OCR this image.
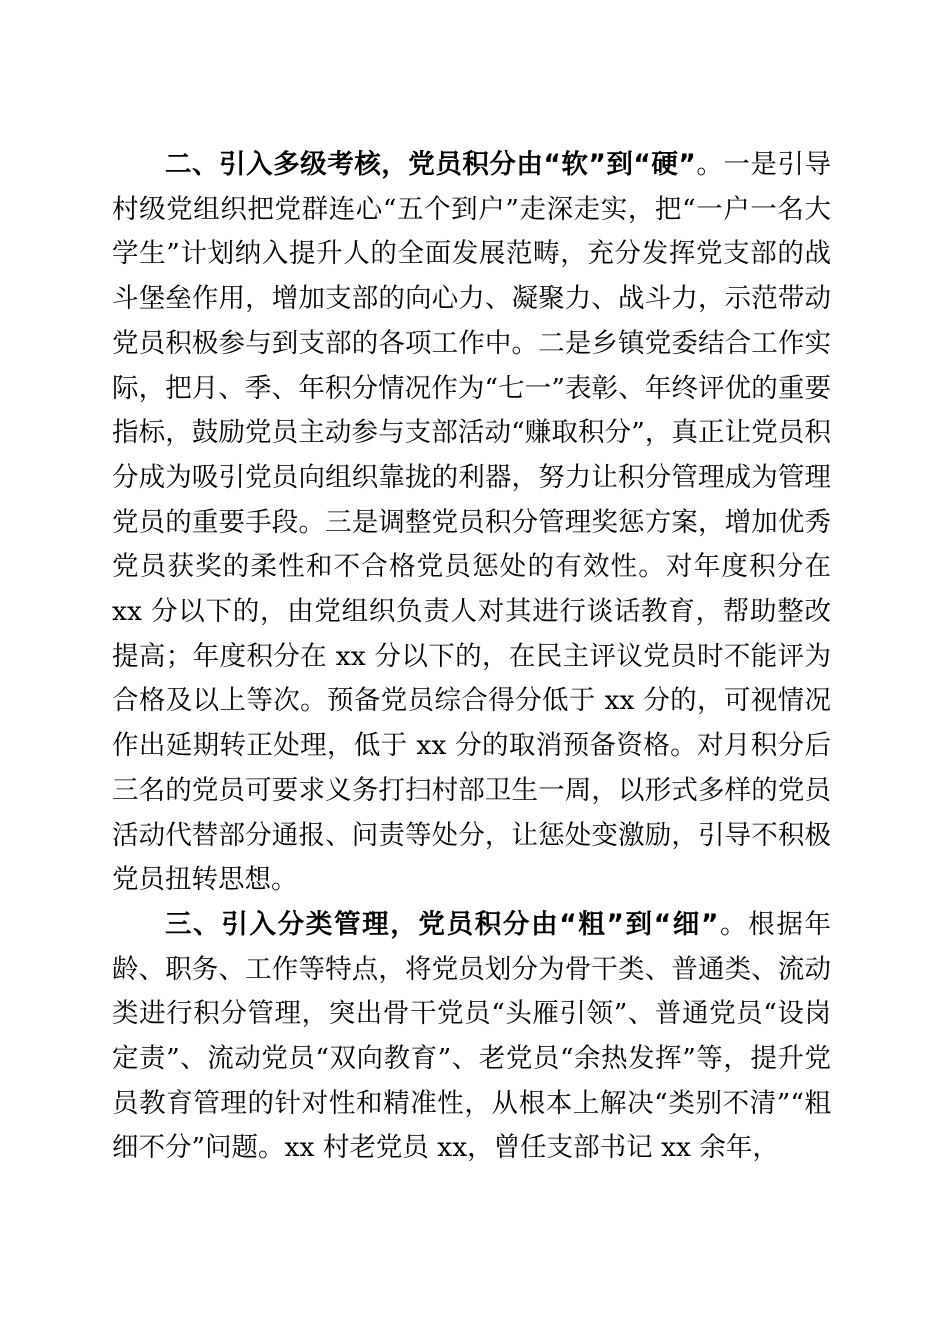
二、引入多级考核，党员积分由“软”到“硬”。一是引导村级党组织把党群连心“五个到户”走深走实，把“一户一名大学生”计划纳入提升人的全面发展范畴，充分发挥党支部的战斗堡垒作用，增加支部的向心力、凝聚力、战斗力，示范带动党员积极参与到支部的各项工作中。二是乡镇党委结合工作实际，把月、季、年积分情况作为“七一”表彰、年终评优的重要指标，鼓励党员主动参与支部活动“赚取积分”，真正让党员积分成为吸引党员向组织靠拢的利器，努力让积分管理成为管理党员的重要手段。三是调整党员积分管理奖惩方案，增加优秀党员获奖的柔性和不合格党员惩处的有效性。对年度积分在 xx 分以下的，由党组织负责人对其进行谈话教育，帮助整改提高；年度积分在 xx 分以下的，在民主评议党员时不能评为合格及以上等次。预备党员综合得分低于 xx 分的，可视情况作出延期转正处理，低于 xx 分的取消预备资格。对月积分后三名的党员可要求义务打扫村部卫生一周，以形式多样的党员活动代替部分通报、问责等处分，让惩处变激励，引导不积极党员扭转思想。

三、引入分类管理，党员积分由“粗”到“细”。根据年龄、职务、工作等特点，将党员划分为骨干类、普通类、流动类进行积分管理，突出骨干党员“头雁引领”、普通党员“设岗定责”、流动党员“双向教育”、老党员“余热发挥”等，提升党员教育管理的针对性和精准性，从根本上解决“类别不清”“粗细不分”问题。xx 村老党员 xx，曾任支部书记 xx 余年，
